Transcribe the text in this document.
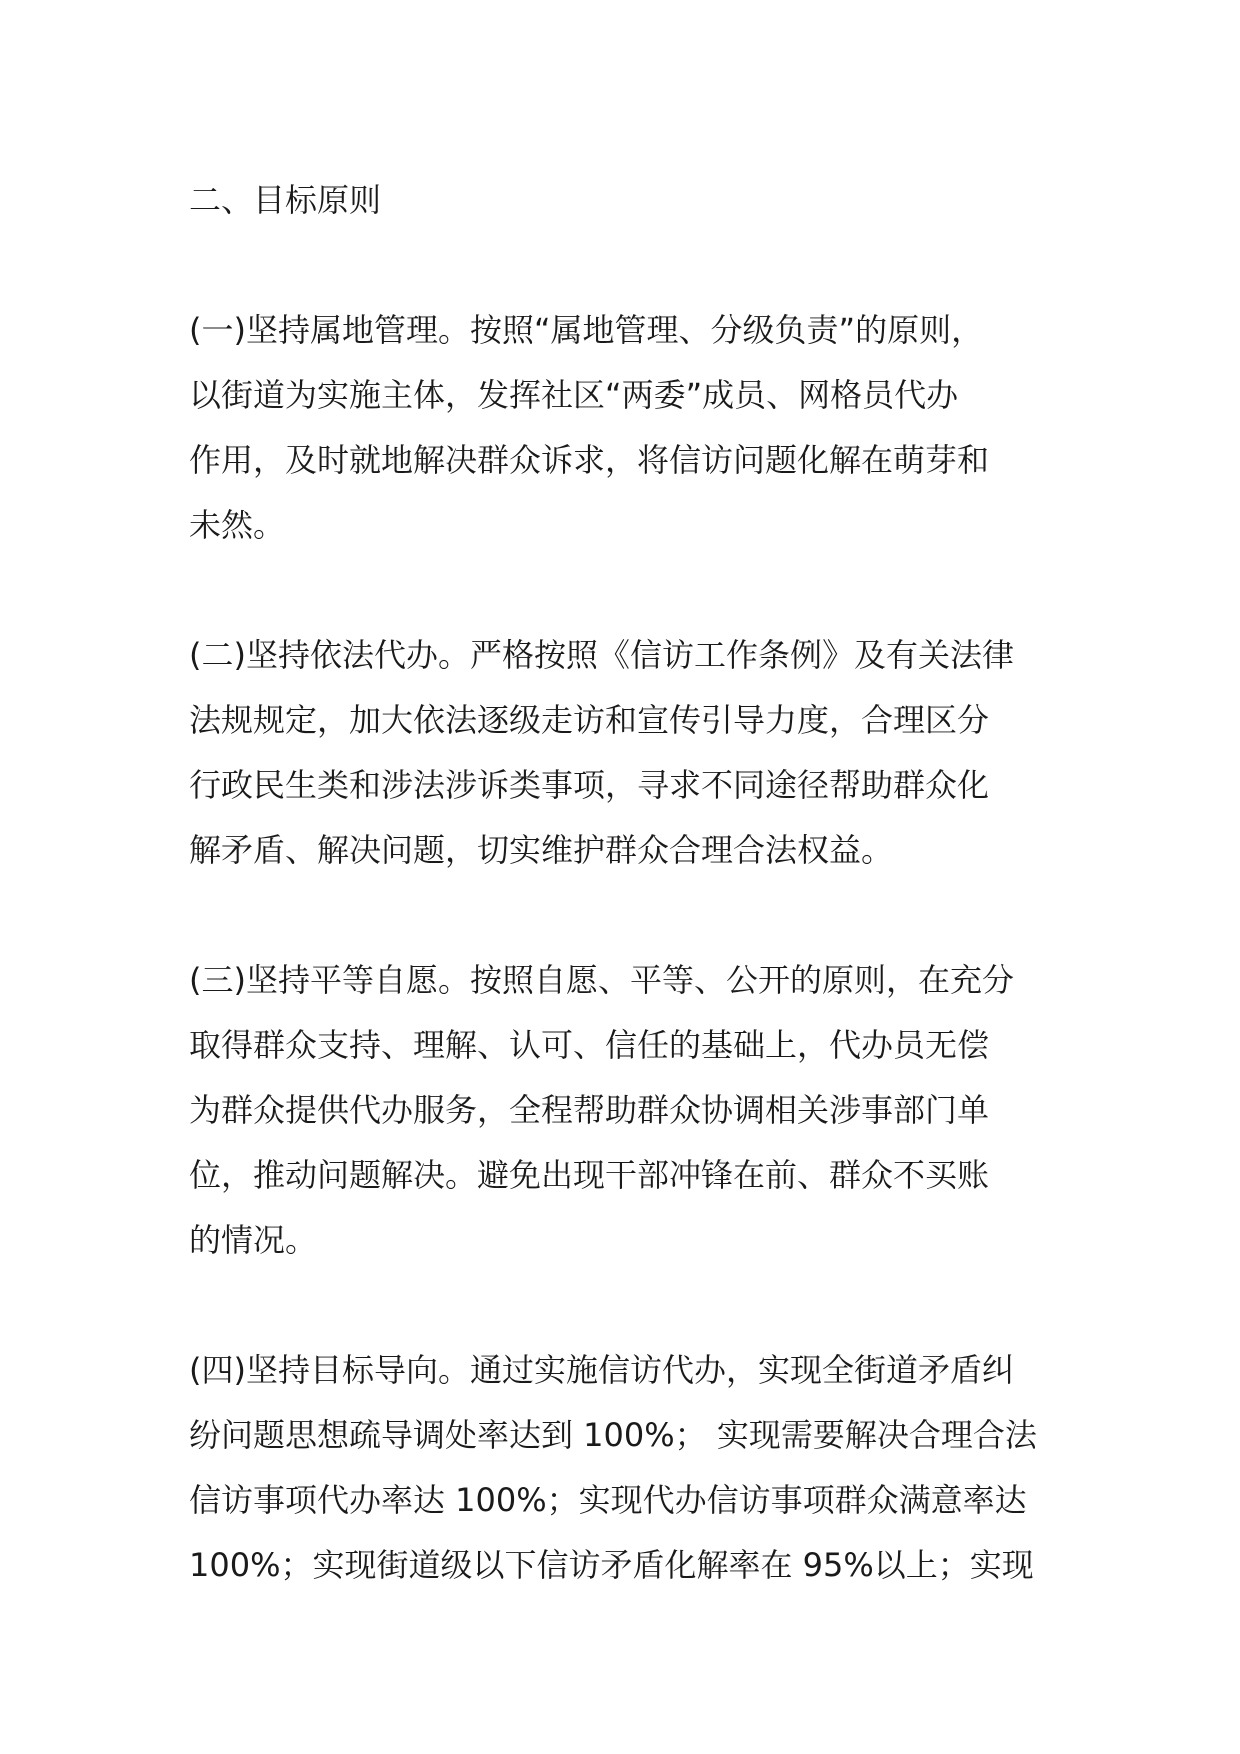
二、目标原则
(一)坚持属地管理。按照“属地管理、分级负责”的原则，
以街道为实施主体，发挥社区“两委”成员、网格员代办
作用，及时就地解决群众诉求，将信访问题化解在萌芽和
未然。
(二)坚持依法代办。严格按照《信访工作条例》及有关法律
法规规定，加大依法逐级走访和宣传引导力度，合理区分
行政民生类和涉法涉诉类事项，寻求不同途径帮助群众化
解矛盾、解决问题，切实维护群众合理合法权益。
(三)坚持平等自愿。按照自愿、平等、公开的原则，在充分
取得群众支持、理解、认可、信任的基础上，代办员无偿
为群众提供代办服务，全程帮助群众协调相关涉事部门单
位，推动问题解决。避免出现干部冲锋在前、群众不买账
的情况。
(四)坚持目标导向。通过实施信访代办，实现全街道矛盾纠
纷问题思想疏导调处率达到 100%； 实现需要解决合理合法
信访事项代办率达 100%；实现代办信访事项群众满意率达
100%；实现街道级以下信访矛盾化解率在 95%以上；实现
